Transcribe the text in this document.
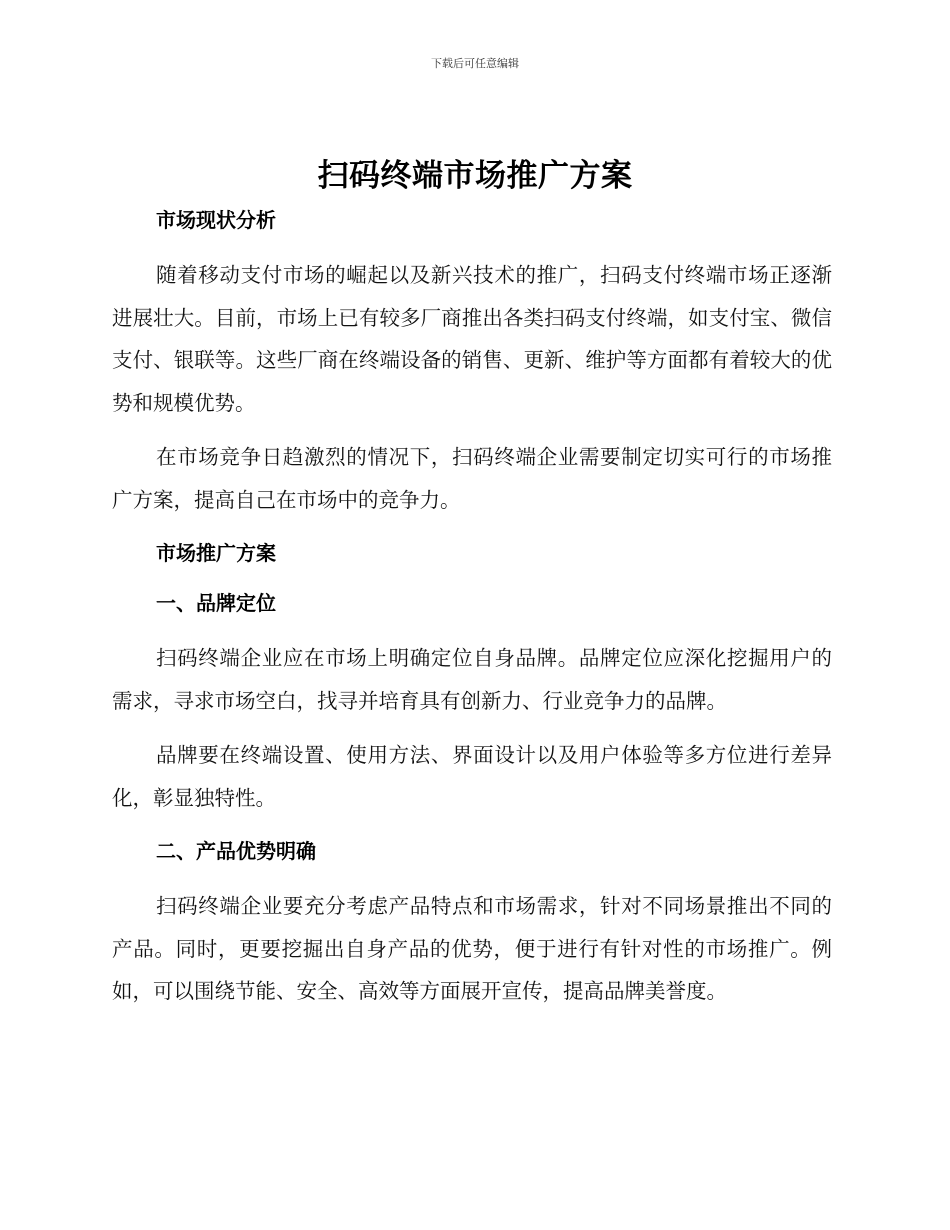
下载后可任意编辑
扫码终端市场推广方案

市场现状分析

随着移动支付市场的崛起以及新兴技术的推广，扫码支付终端市场正逐渐进展壮大。目前，市场上已有较多厂商推出各类扫码支付终端，如支付宝、微信支付、银联等。这些厂商在终端设备的销售、更新、维护等方面都有着较大的优势和规模优势。

在市场竞争日趋激烈的情况下，扫码终端企业需要制定切实可行的市场推广方案，提高自己在市场中的竞争力。

市场推广方案

一、品牌定位

扫码终端企业应在市场上明确定位自身品牌。品牌定位应深化挖掘用户的需求，寻求市场空白，找寻并培育具有创新力、行业竞争力的品牌。

品牌要在终端设置、使用方法、界面设计以及用户体验等多方位进行差异化，彰显独特性。

二、产品优势明确

扫码终端企业要充分考虑产品特点和市场需求，针对不同场景推出不同的产品。同时，更要挖掘出自身产品的优势，便于进行有针对性的市场推广。例如，可以围绕节能、安全、高效等方面展开宣传，提高品牌美誉度。
